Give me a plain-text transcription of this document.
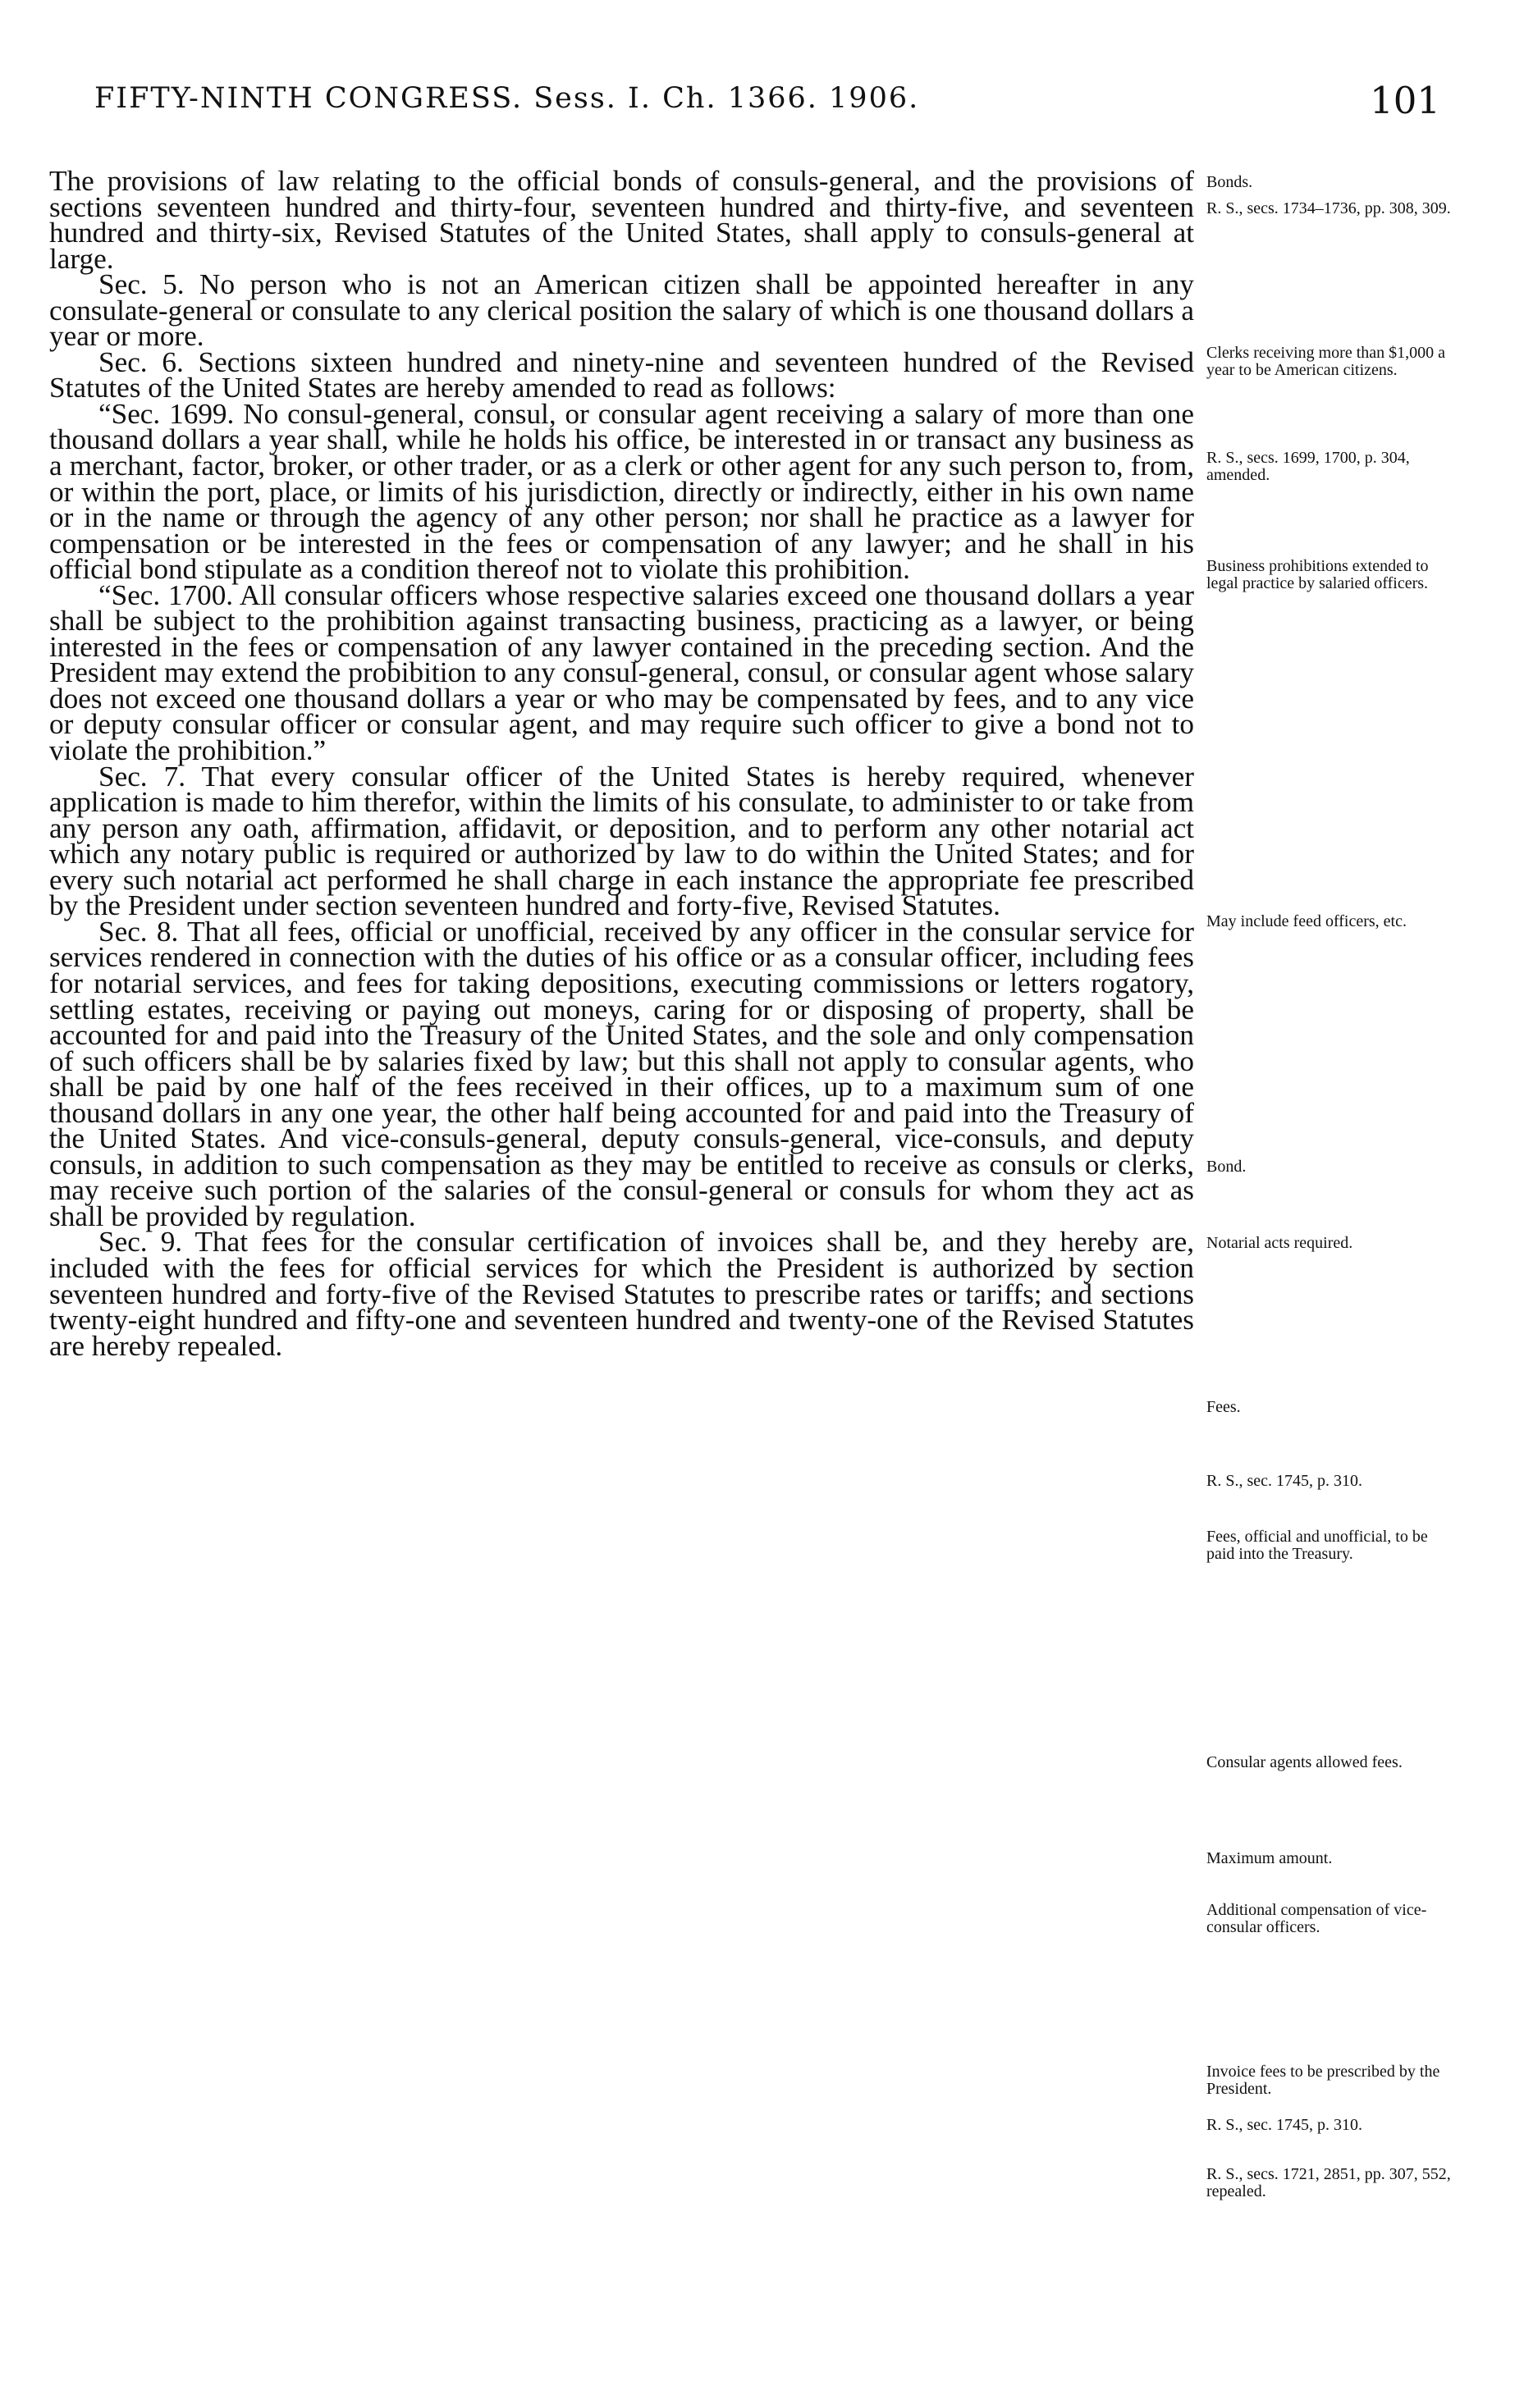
FIFTY-NINTH CONGRESS. Sess. I. Ch. 1366. 1906.	101

The provisions of law relating to the official bonds of consuls-general, and the provisions of sections seventeen hundred and thirty-four, seventeen hundred and thirty-five, and seventeen hundred and thirty-six, Revised Statutes of the United States, shall apply to consuls-general at large.

Sec. 5. No person who is not an American citizen shall be appointed hereafter in any consulate-general or consulate to any clerical position the salary of which is one thousand dollars a year or more.

Sec. 6. Sections sixteen hundred and ninety-nine and seventeen hundred of the Revised Statutes of the United States are hereby amended to read as follows:

“Sec. 1699. No consul-general, consul, or consular agent receiving a salary of more than one thousand dollars a year shall, while he holds his office, be interested in or transact any business as a merchant, factor, broker, or other trader, or as a clerk or other agent for any such person to, from, or within the port, place, or limits of his jurisdiction, directly or indirectly, either in his own name or in the name or through the agency of any other person; nor shall he practice as a lawyer for compensation or be interested in the fees or compensation of any lawyer; and he shall in his official bond stipulate as a condition thereof not to violate this prohibition.

“Sec. 1700. All consular officers whose respective salaries exceed one thousand dollars a year shall be subject to the prohibition against transacting business, practicing as a lawyer, or being interested in the fees or compensation of any lawyer contained in the preceding section. And the President may extend the probibition to any consul-general, consul, or consular agent whose salary does not exceed one thousand dollars a year or who may be compensated by fees, and to any vice or deputy consular officer or consular agent, and may require such officer to give a bond not to violate the prohibition.”

Sec. 7. That every consular officer of the United States is hereby required, whenever application is made to him therefor, within the limits of his consulate, to administer to or take from any person any oath, affirmation, affidavit, or deposition, and to perform any other notarial act which any notary public is required or authorized by law to do within the United States; and for every such notarial act performed he shall charge in each instance the appropriate fee prescribed by the President under section seventeen hundred and forty-five, Revised Statutes.

Sec. 8. That all fees, official or unofficial, received by any officer in the consular service for services rendered in connection with the duties of his office or as a consular officer, including fees for notarial services, and fees for taking depositions, executing commissions or letters rogatory, settling estates, receiving or paying out moneys, caring for or disposing of property, shall be accounted for and paid into the Treasury of the United States, and the sole and only compensation of such officers shall be by salaries fixed by law; but this shall not apply to consular agents, who shall be paid by one half of the fees received in their offices, up to a maximum sum of one thousand dollars in any one year, the other half being accounted for and paid into the Treasury of the United States. And vice-consuls-general, deputy consuls-general, vice-consuls, and deputy consuls, in addition to such compensation as they may be entitled to receive as consuls or clerks, may receive such portion of the salaries of the consul-general or consuls for whom they act as shall be provided by regulation.

Sec. 9. That fees for the consular certification of invoices shall be, and they hereby are, included with the fees for official services for which the President is authorized by section seventeen hundred and forty-five of the Revised Statutes to prescribe rates or tariffs; and sections twenty-eight hundred and fifty-one and seventeen hundred and twenty-one of the Revised Statutes are hereby repealed.

Bonds.
R. S., secs. 1734–1736, pp. 308, 309.
Clerks receiving more than $1,000 a year to be American citizens.
R. S., secs. 1699, 1700, p. 304, amended.
Business prohibitions extended to legal practice by salaried officers.
May include feed officers, etc.
Bond.
Notarial acts required.
Fees.
R. S., sec. 1745, p. 310.
Fees, official and unofficial, to be paid into the Treasury.
Consular agents allowed fees.
Maximum amount.
Additional compensation of vice-consular officers.
Invoice fees to be prescribed by the President.
R. S., sec. 1745, p. 310.
R. S., secs. 1721, 2851, pp. 307, 552, repealed.
